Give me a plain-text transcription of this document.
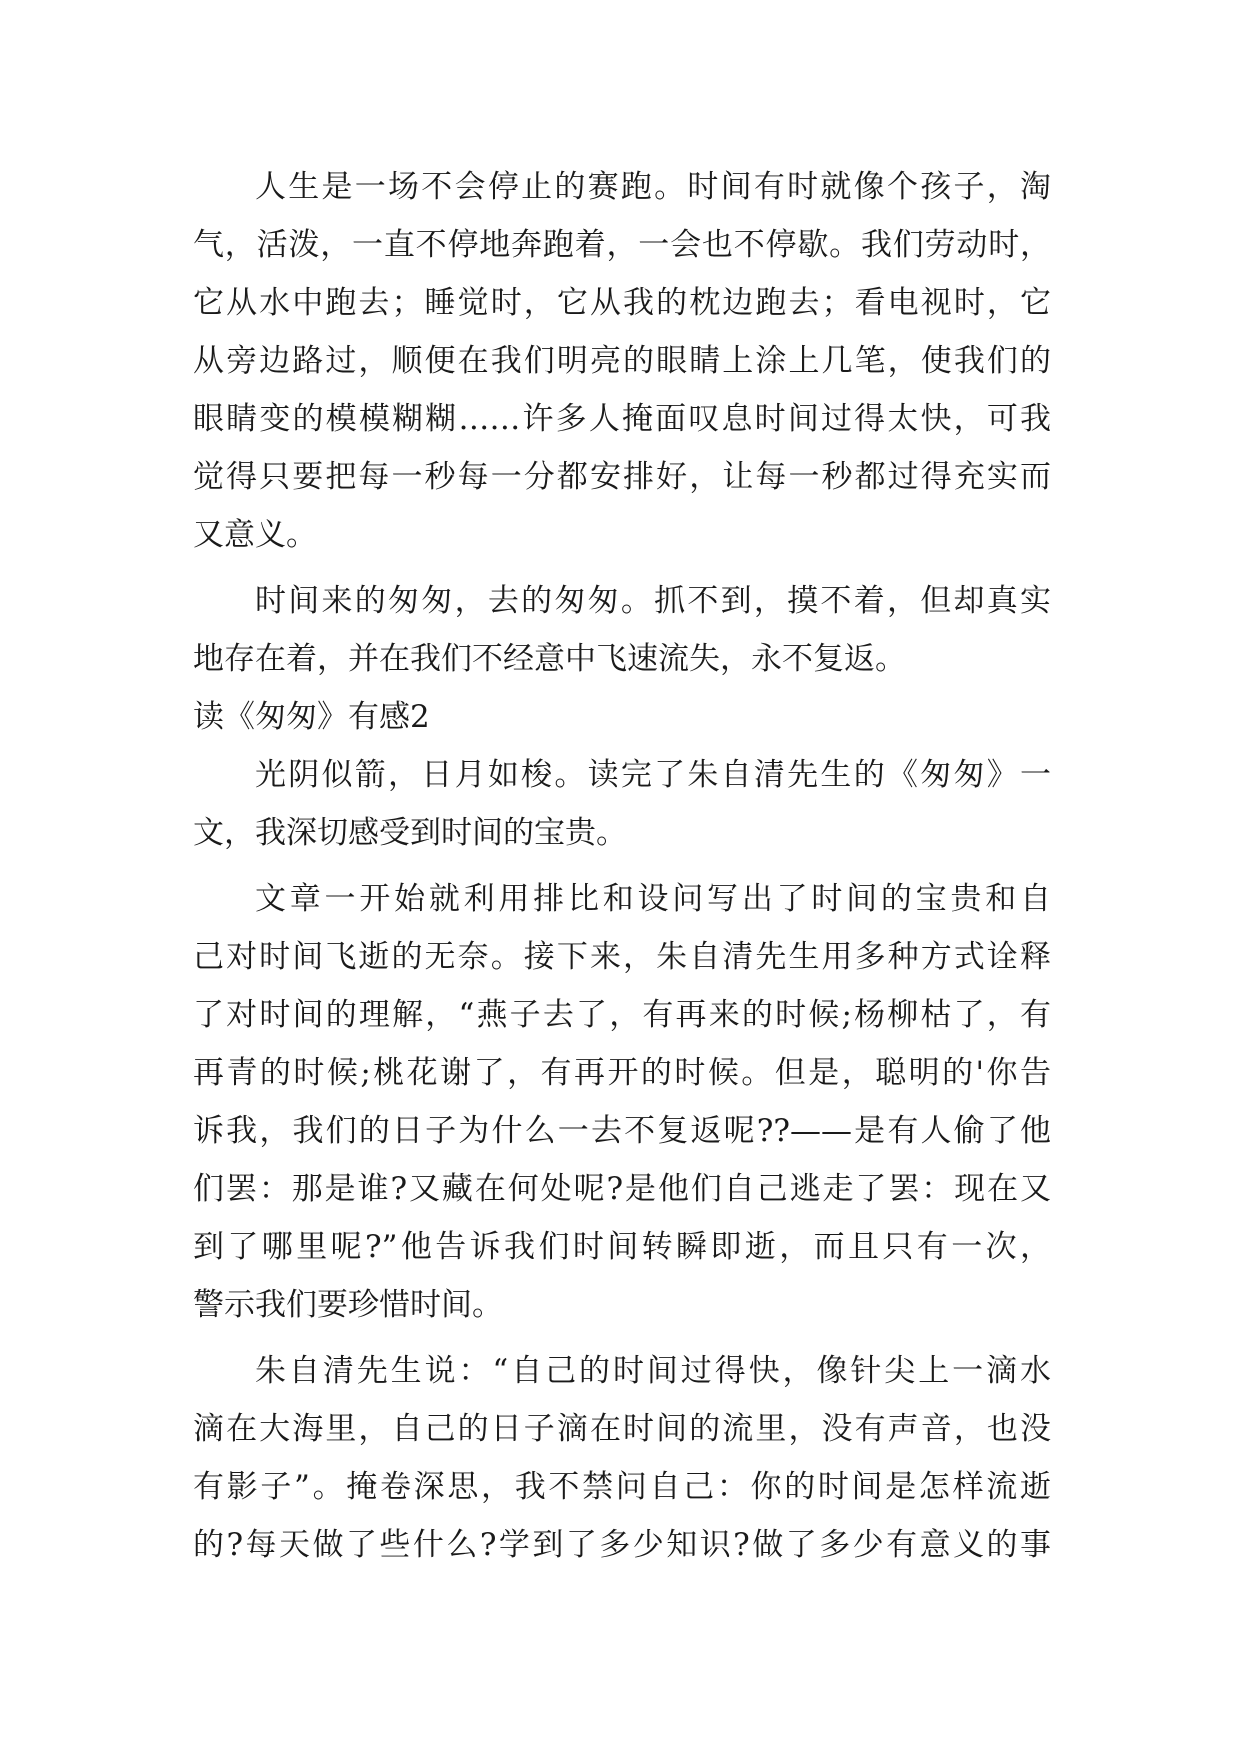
人生是一场不会停止的赛跑。时间有时就像个孩子，淘
气，活泼，一直不停地奔跑着，一会也不停歇。我们劳动时，
它从水中跑去；睡觉时，它从我的枕边跑去；看电视时，它
从旁边路过，顺便在我们明亮的眼睛上涂上几笔，使我们的
眼睛变的模模糊糊……许多人掩面叹息时间过得太快，可我
觉得只要把每一秒每一分都安排好，让每一秒都过得充实而
又意义。
时间来的匆匆，去的匆匆。抓不到，摸不着，但却真实
地存在着，并在我们不经意中飞速流失，永不复返。
读《匆匆》有感2
光阴似箭，日月如梭。读完了朱自清先生的《匆匆》一
文，我深切感受到时间的宝贵。
文章一开始就利用排比和设问写出了时间的宝贵和自
己对时间飞逝的无奈。接下来，朱自清先生用多种方式诠释
了对时间的理解，“燕子去了，有再来的时候;杨柳枯了，有
再青的时候;桃花谢了，有再开的时候。但是，聪明的'你告
诉我，我们的日子为什么一去不复返呢??——是有人偷了他
们罢：那是谁?又藏在何处呢?是他们自己逃走了罢：现在又
到了哪里呢?”他告诉我们时间转瞬即逝，而且只有一次，
警示我们要珍惜时间。
朱自清先生说：“自己的时间过得快，像针尖上一滴水
滴在大海里，自己的日子滴在时间的流里，没有声音，也没
有影子”。掩卷深思，我不禁问自己：你的时间是怎样流逝
的?每天做了些什么?学到了多少知识?做了多少有意义的事
